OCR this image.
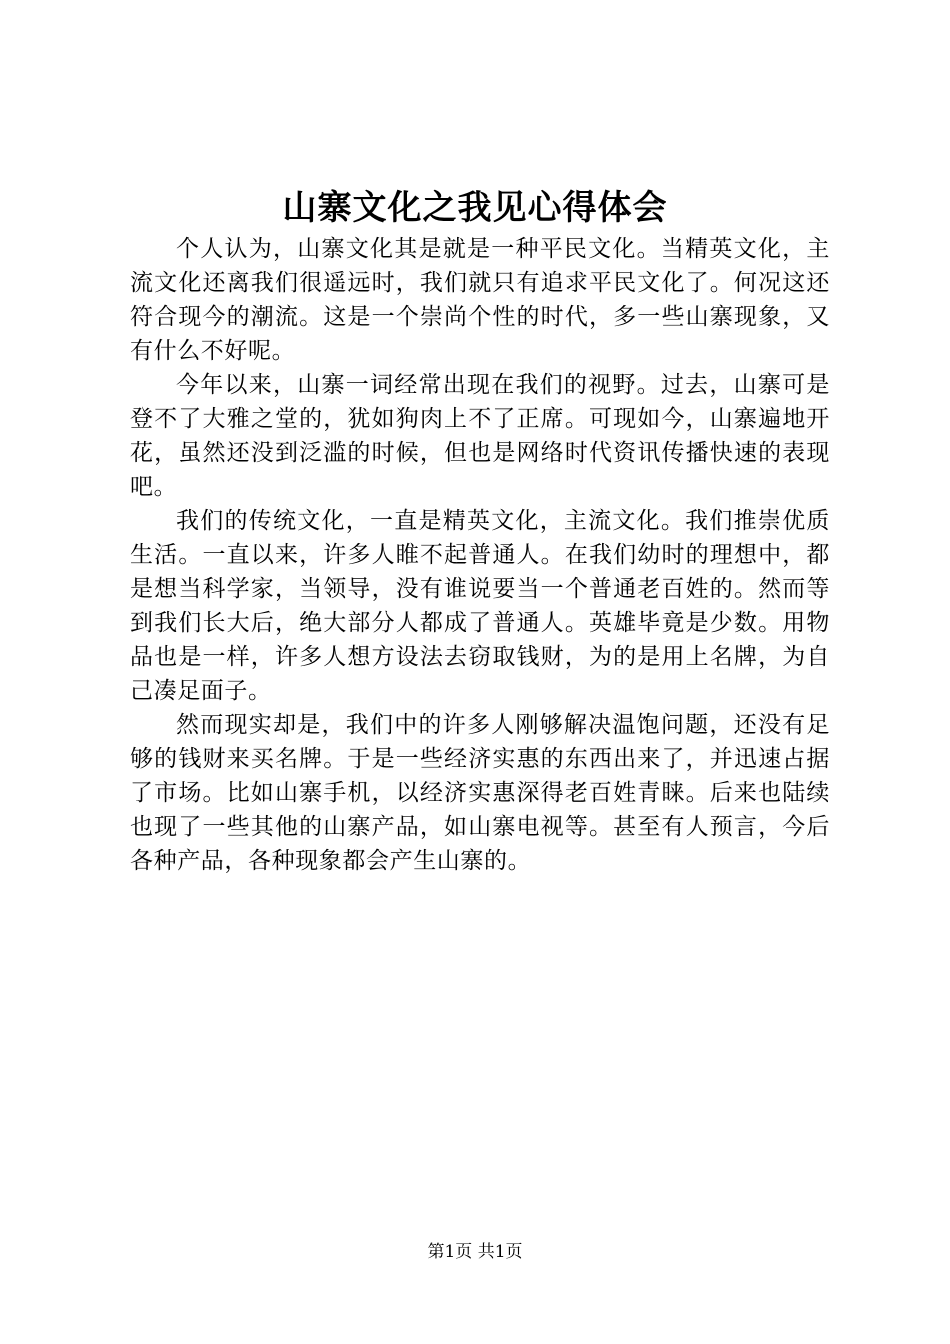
山寨文化之我见心得体会

个人认为，山寨文化其是就是一种平民文化。当精英文化，主流文化还离我们很遥远时，我们就只有追求平民文化了。何况这还符合现今的潮流。这是一个崇尚个性的时代，多一些山寨现象，又有什么不好呢。

今年以来，山寨一词经常出现在我们的视野。过去，山寨可是登不了大雅之堂的，犹如狗肉上不了正席。可现如今，山寨遍地开花，虽然还没到泛滥的时候，但也是网络时代资讯传播快速的表现吧。

我们的传统文化，一直是精英文化，主流文化。我们推崇优质生活。一直以来，许多人睢不起普通人。在我们幼时的理想中，都是想当科学家，当领导，没有谁说要当一个普通老百姓的。然而等到我们长大后，绝大部分人都成了普通人。英雄毕竟是少数。用物品也是一样，许多人想方设法去窃取钱财，为的是用上名牌，为自己凑足面子。

然而现实却是，我们中的许多人刚够解决温饱问题，还没有足够的钱财来买名牌。于是一些经济实惠的东西出来了，并迅速占据了市场。比如山寨手机，以经济实惠深得老百姓青睐。后来也陆续也现了一些其他的山寨产品，如山寨电视等。甚至有人预言，今后各种产品，各种现象都会产生山寨的。

第1页 共1页
